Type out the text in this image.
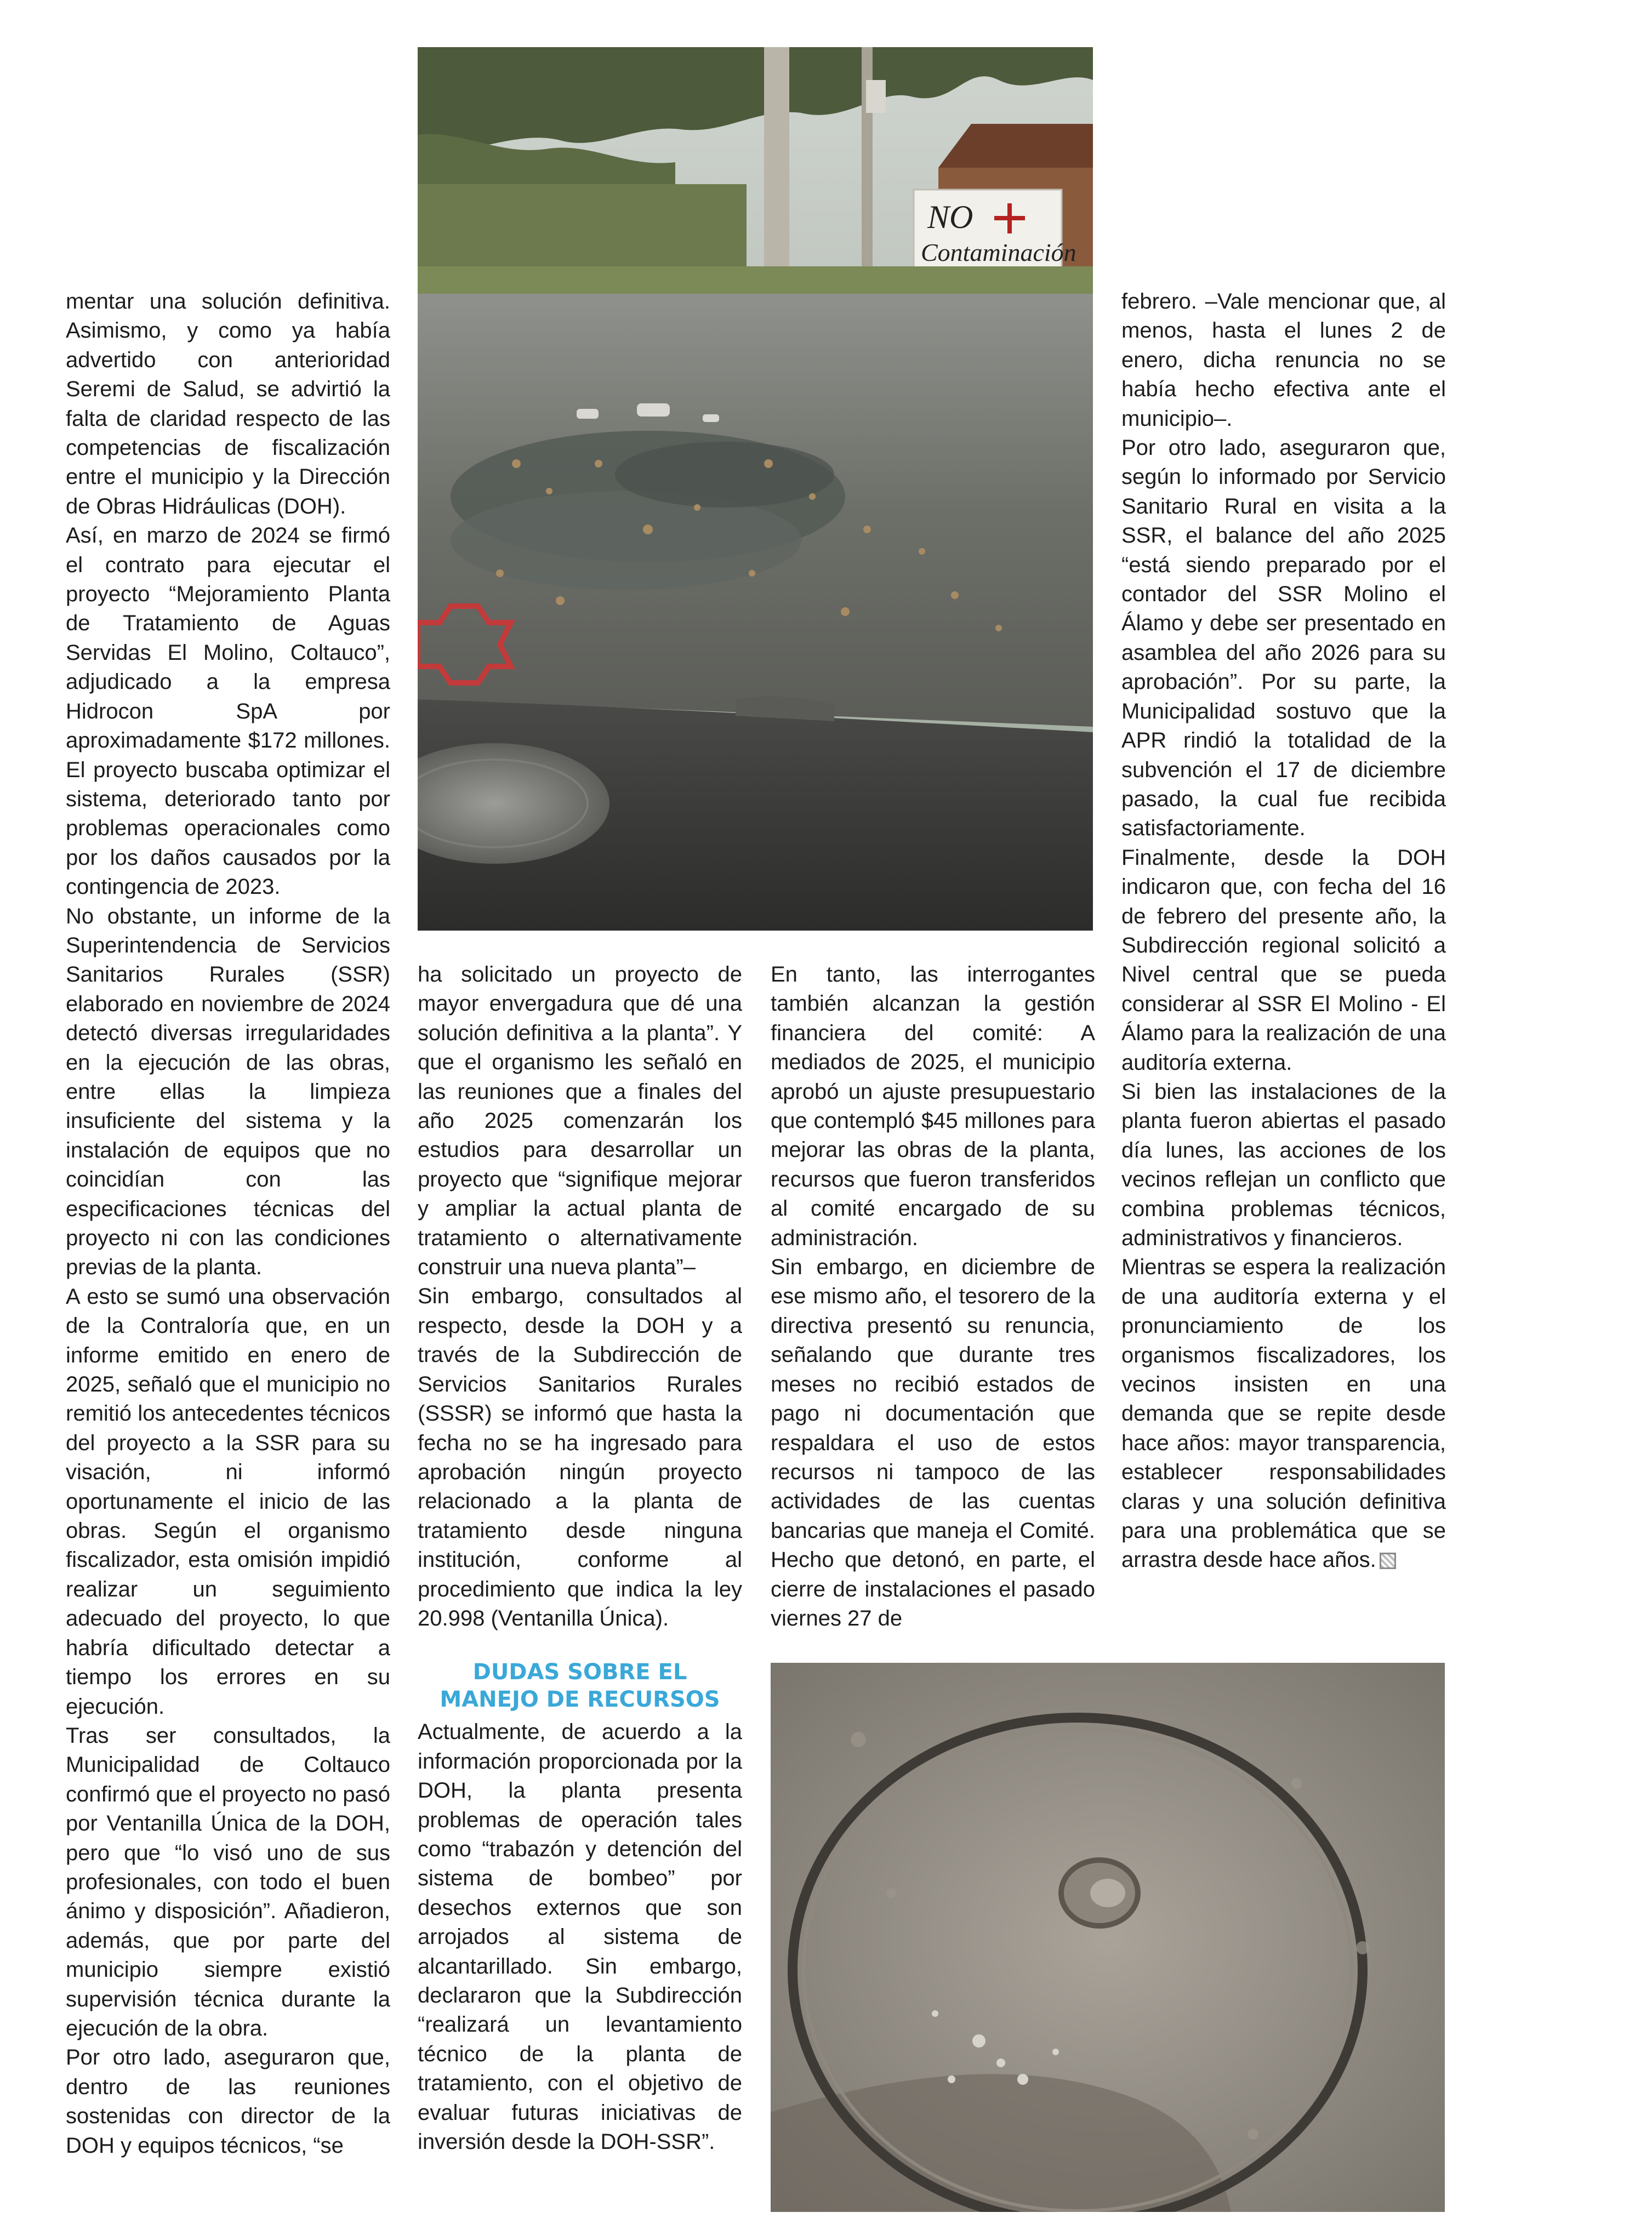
NO
Contaminación

mentar una solución definitiva. Asimismo, y como ya había advertido con anterioridad Seremi de Salud, se advirtió la falta de claridad respecto de las competencias de fiscalización entre el municipio y la Dirección de Obras Hidráulicas (DOH).

Así, en marzo de 2024 se firmó el contrato para ejecutar el proyecto “Mejoramiento Planta de Tratamiento de Aguas Servidas El Molino, Coltauco”, adjudicado a la empresa Hidrocon SpA por aproximadamente $172 millones. El proyecto buscaba optimizar el sistema, deteriorado tanto por problemas operacionales como por los daños causados por la contingencia de 2023.

No obstante, un informe de la Superintendencia de Servicios Sanitarios Rurales (SSR) elaborado en noviembre de 2024 detectó diversas irregularidades en la ejecución de las obras, entre ellas la limpieza insuficiente del sistema y la instalación de equipos que no coincidían con las especificaciones técnicas del proyecto ni con las condiciones previas de la planta.

A esto se sumó una observación de la Contraloría que, en un informe emitido en enero de 2025, señaló que el municipio no remitió los antecedentes técnicos del proyecto a la SSR para su visación, ni informó oportunamente el inicio de las obras. Según el organismo fiscalizador, esta omisión impidió realizar un seguimiento adecuado del proyecto, lo que habría dificultado detectar a tiempo los errores en su ejecución.

Tras ser consultados, la Municipalidad de Coltauco confirmó que el proyecto no pasó por Ventanilla Única de la DOH, pero que “lo visó uno de sus profesionales, con todo el buen ánimo y disposición”. Añadieron, además, que por parte del municipio siempre existió supervisión técnica durante la ejecución de la obra.

Por otro lado, aseguraron que, dentro de las reuniones sostenidas con director de la DOH y equipos técnicos, “se

ha solicitado un proyecto de mayor envergadura que dé una solución definitiva a la planta”. Y que el organismo les señaló en las reuniones que a finales del año 2025 comenzarán los estudios para desarrollar un proyecto que “signifique mejorar y ampliar la actual planta de tratamiento o alternativamente construir una nueva planta”–

Sin embargo, consultados al respecto, desde la DOH y a través de la Subdirección de Servicios Sanitarios Rurales (SSSR) se informó que hasta la fecha no se ha ingresado para aprobación ningún proyecto relacionado a la planta de tratamiento desde ninguna institución, conforme al procedimiento que indica la ley 20.998 (Ventanilla Única).

DUDAS SOBRE EL
MANEJO DE RECURSOS

Actualmente, de acuerdo a la información proporcionada por la DOH, la planta presenta problemas de operación tales como “trabazón y detención del sistema de bombeo” por desechos externos que son arrojados al sistema de alcantarillado. Sin embargo, declararon que la Subdirección “realizará un levantamiento técnico de la planta de tratamiento, con el objetivo de evaluar futuras iniciativas de inversión desde la DOH-SSR”.

En tanto, las interrogantes también alcanzan la gestión financiera del comité: A mediados de 2025, el municipio aprobó un ajuste presupuestario que contempló $45 millones para mejorar las obras de la planta, recursos que fueron transferidos al comité encargado de su administración.

Sin embargo, en diciembre de ese mismo año, el tesorero de la directiva presentó su renuncia, señalando que durante tres meses no recibió estados de pago ni documentación que respaldara el uso de estos recursos ni tampoco de las actividades de las cuentas bancarias que maneja el Comité. Hecho que detonó, en parte, el cierre de instalaciones el pasado viernes 27 de

febrero. –Vale mencionar que, al menos, hasta el lunes 2 de enero, dicha renuncia no se había hecho efectiva ante el municipio–.

Por otro lado, aseguraron que, según lo informado por Servicio Sanitario Rural en visita a la SSR, el balance del año 2025 “está siendo preparado por el contador del SSR Molino el Álamo y debe ser presentado en asamblea del año 2026 para su aprobación”. Por su parte, la Municipalidad sostuvo que la APR rindió la totalidad de la subvención el 17 de diciembre pasado, la cual fue recibida satisfactoriamente.

Finalmente, desde la DOH indicaron que, con fecha del 16 de febrero del presente año, la Subdirección regional solicitó a Nivel central que se pueda considerar al SSR El Molino - El Álamo para la realización de una auditoría externa.

Si bien las instalaciones de la planta fueron abiertas el pasado día lunes, las acciones de los vecinos reflejan un conflicto que combina problemas técnicos, administrativos y financieros.

Mientras se espera la realización de una auditoría externa y el pronunciamiento de los organismos fiscalizadores, los vecinos insisten en una demanda que se repite desde hace años: mayor transparencia, establecer responsabilidades claras y una solución definitiva para una problemática que se arrastra desde hace años.
